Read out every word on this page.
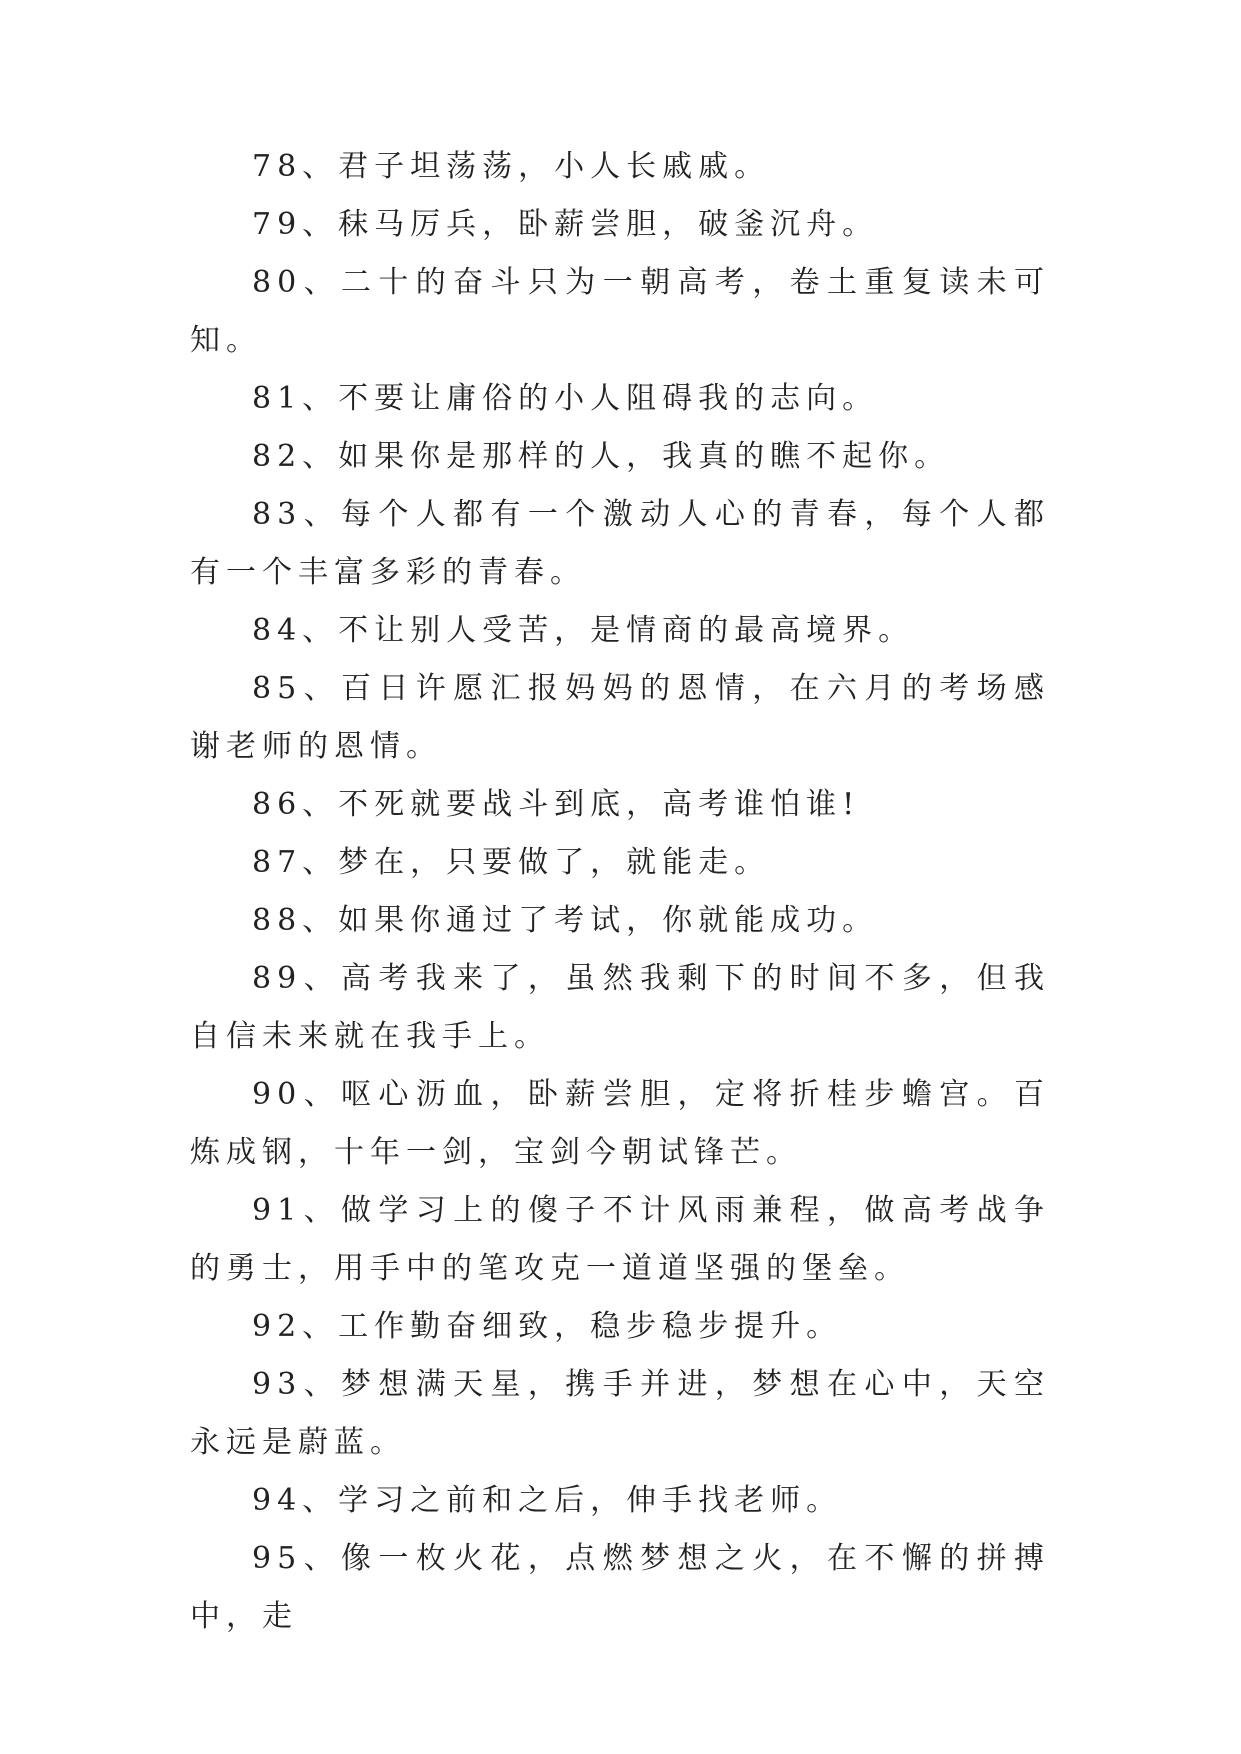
78、君子坦荡荡，小人长戚戚。

79、秣马厉兵，卧薪尝胆，破釜沉舟。

80、二十的奋斗只为一朝高考，卷土重复读未可知。

81、不要让庸俗的小人阻碍我的志向。

82、如果你是那样的人，我真的瞧不起你。

83、每个人都有一个激动人心的青春，每个人都有一个丰富多彩的青春。

84、不让别人受苦，是情商的最高境界。

85、百日许愿汇报妈妈的恩情，在六月的考场感谢老师的恩情。

86、不死就要战斗到底，高考谁怕谁!

87、梦在，只要做了，就能走。

88、如果你通过了考试，你就能成功。

89、高考我来了，虽然我剩下的时间不多，但我自信未来就在我手上。

90、呕心沥血，卧薪尝胆，定将折桂步蟾宫。百炼成钢，十年一剑，宝剑今朝试锋芒。

91、做学习上的傻子不计风雨兼程，做高考战争的勇士，用手中的笔攻克一道道坚强的堡垒。

92、工作勤奋细致，稳步稳步提升。

93、梦想满天星，携手并进，梦想在心中，天空永远是蔚蓝。

94、学习之前和之后，伸手找老师。

95、像一枚火花，点燃梦想之火，在不懈的拼搏中，走
